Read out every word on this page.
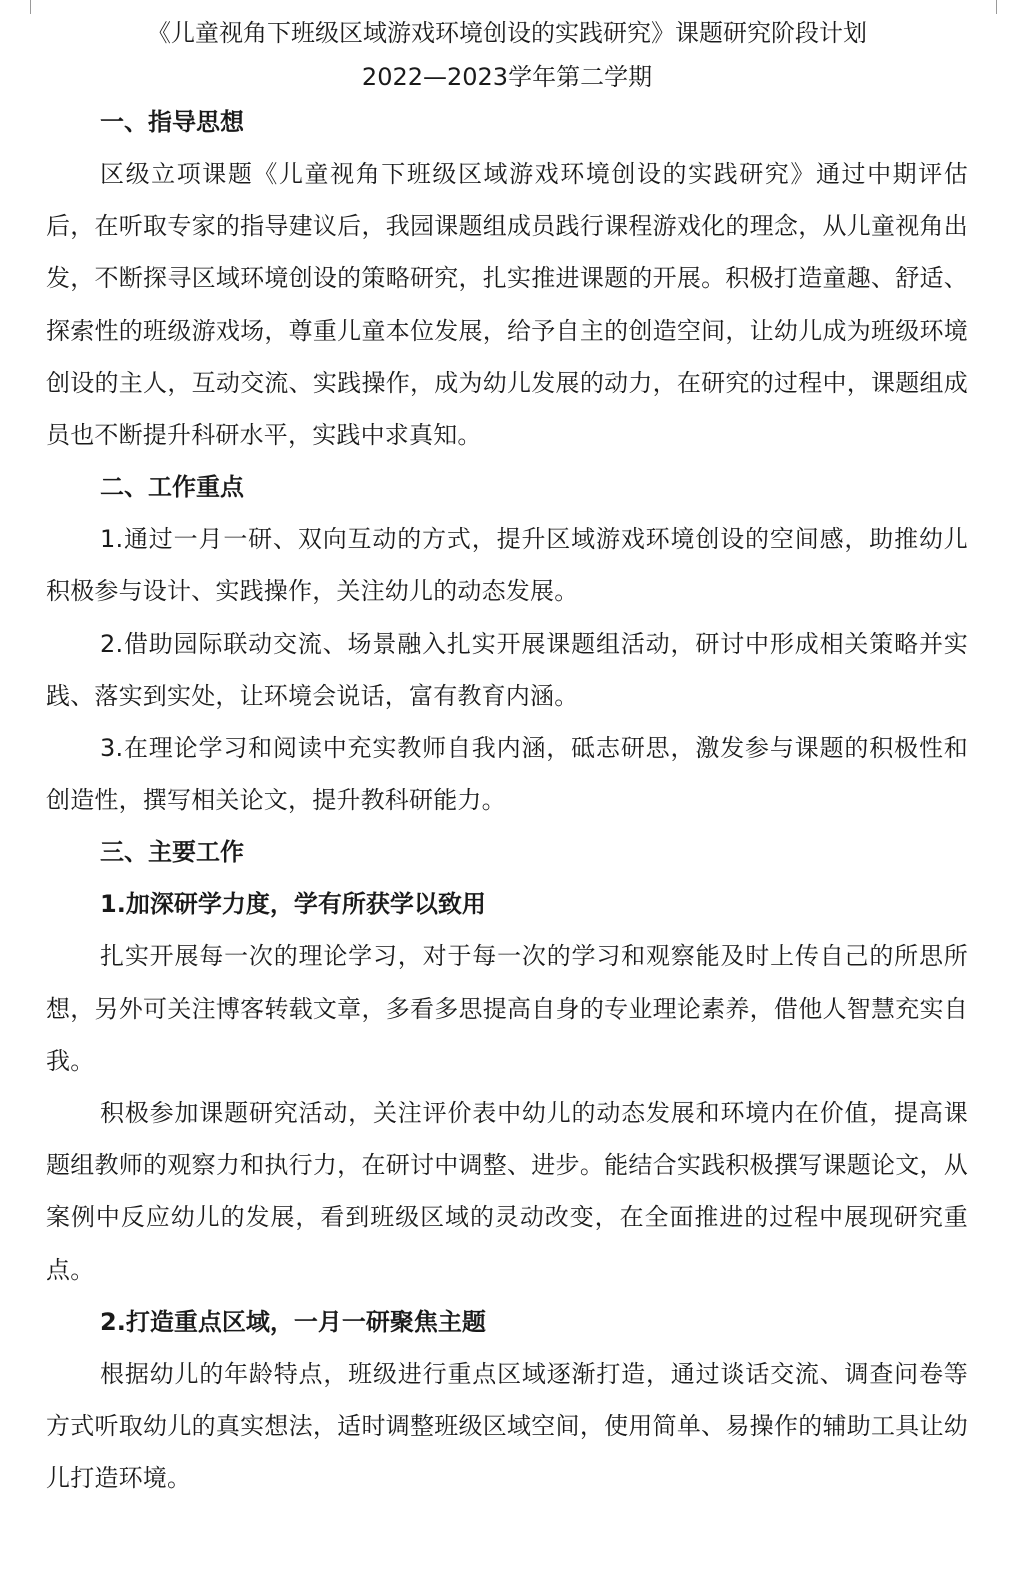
《儿童视角下班级区域游戏环境创设的实践研究》课题研究阶段计划
2022—2023学年第二学期
一、指导思想

区级立项课题《儿童视角下班级区域游戏环境创设的实践研究》通过中期评估后，在听取专家的指导建议后，我园课题组成员践行课程游戏化的理念，从儿童视角出发，不断探寻区域环境创设的策略研究，扎实推进课题的开展。积极打造童趣、舒适、探索性的班级游戏场，尊重儿童本位发展，给予自主的创造空间，让幼儿成为班级环境创设的主人，互动交流、实践操作，成为幼儿发展的动力，在研究的过程中，课题组成员也不断提升科研水平，实践中求真知。

二、工作重点

1.通过一月一研、双向互动的方式，提升区域游戏环境创设的空间感，助推幼儿积极参与设计、实践操作，关注幼儿的动态发展。

2.借助园际联动交流、场景融入扎实开展课题组活动，研讨中形成相关策略并实践、落实到实处，让环境会说话，富有教育内涵。

3.在理论学习和阅读中充实教师自我内涵，砥志研思，激发参与课题的积极性和创造性，撰写相关论文，提升教科研能力。

三、主要工作
1.加深研学力度，学有所获学以致用

扎实开展每一次的理论学习，对于每一次的学习和观察能及时上传自己的所思所想，另外可关注博客转载文章，多看多思提高自身的专业理论素养，借他人智慧充实自我。

积极参加课题研究活动，关注评价表中幼儿的动态发展和环境内在价值，提高课题组教师的观察力和执行力，在研讨中调整、进步。能结合实践积极撰写课题论文，从案例中反应幼儿的发展，看到班级区域的灵动改变，在全面推进的过程中展现研究重点。

2.打造重点区域，一月一研聚焦主题

根据幼儿的年龄特点，班级进行重点区域逐渐打造，通过谈话交流、调查问卷等方式听取幼儿的真实想法，适时调整班级区域空间，使用简单、易操作的辅助工具让幼儿打造环境。
